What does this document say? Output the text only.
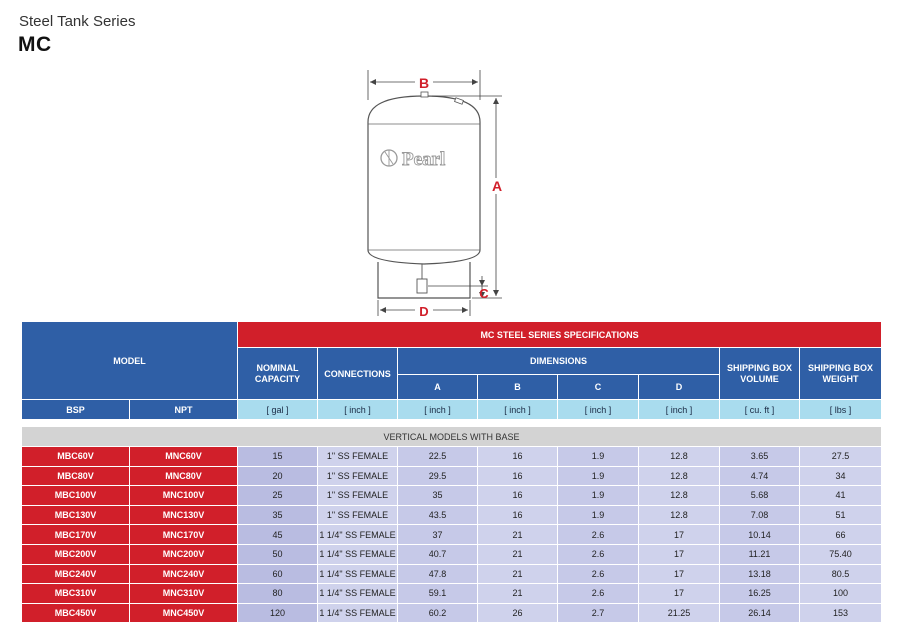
Steel Tank Series
MC
Pearl
B
A
C
D
MODEL		MC STEEL SERIES SPECIFICATIONS							
		NOMINAL CAPACITY	CONNECTIONS	DIMENSIONS				SHIPPING BOX VOLUME	SHIPPING BOX WEIGHT
				A	B	C	D		
BSP	NPT	[ gal ]	[ inch ]	[ inch ]	[ inch ]	[ inch ]	[ inch ]	[ cu. ft ]	[ lbs ]
VERTICAL MODELS WITH BASE									
MBC60V	MNC60V	15	1" SS FEMALE	22.5	16	1.9	12.8	3.65	27.5
MBC80V	MNC80V	20	1" SS FEMALE	29.5	16	1.9	12.8	4.74	34
MBC100V	MNC100V	25	1" SS FEMALE	35	16	1.9	12.8	5.68	41
MBC130V	MNC130V	35	1" SS FEMALE	43.5	16	1.9	12.8	7.08	51
MBC170V	MNC170V	45	1 1/4" SS FEMALE	37	21	2.6	17	10.14	66
MBC200V	MNC200V	50	1 1/4" SS FEMALE	40.7	21	2.6	17	11.21	75.40
MBC240V	MNC240V	60	1 1/4" SS FEMALE	47.8	21	2.6	17	13.18	80.5
MBC310V	MNC310V	80	1 1/4" SS FEMALE	59.1	21	2.6	17	16.25	100
MBC450V	MNC450V	120	1 1/4" SS FEMALE	60.2	26	2.7	21.25	26.14	153
